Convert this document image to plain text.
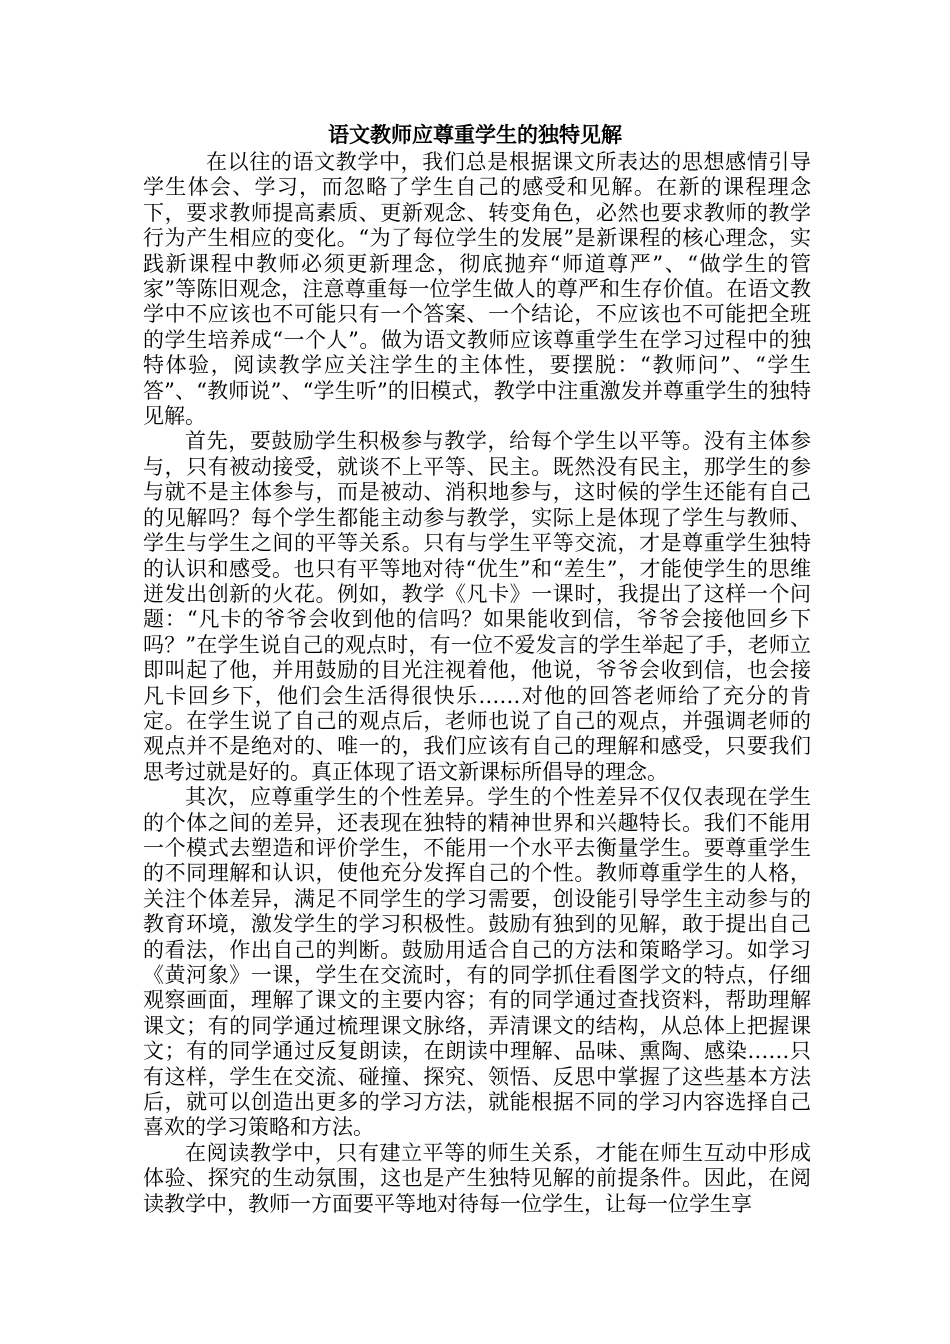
语文教师应尊重学生的独特见解

在以往的语文教学中，我们总是根据课文所表达的思想感情引导学生体会、学习，而忽略了学生自己的感受和见解。在新的课程理念下，要求教师提高素质、更新观念、转变角色，必然也要求教师的教学行为产生相应的变化。“为了每位学生的发展”是新课程的核心理念，实践新课程中教师必须更新理念，彻底抛弃“师道尊严”、“做学生的管家”等陈旧观念，注意尊重每一位学生做人的尊严和生存价值。在语文教学中不应该也不可能只有一个答案、一个结论，不应该也不可能把全班的学生培养成“一个人”。做为语文教师应该尊重学生在学习过程中的独特体验，阅读教学应关注学生的主体性，要摆脱：“教师问”、“学生答”、“教师说”、“学生听”的旧模式，教学中注重激发并尊重学生的独特见解。

首先，要鼓励学生积极参与教学，给每个学生以平等。没有主体参与，只有被动接受，就谈不上平等、民主。既然没有民主，那学生的参与就不是主体参与，而是被动、消积地参与，这时候的学生还能有自己的见解吗？每个学生都能主动参与教学，实际上是体现了学生与教师、学生与学生之间的平等关系。只有与学生平等交流，才是尊重学生独特的认识和感受。也只有平等地对待“优生”和“差生”，才能使学生的思维迸发出创新的火花。例如，教学《凡卡》一课时，我提出了这样一个问题：“凡卡的爷爷会收到他的信吗？如果能收到信，爷爷会接他回乡下吗？”在学生说自己的观点时，有一位不爱发言的学生举起了手，老师立即叫起了他，并用鼓励的目光注视着他，他说，爷爷会收到信，也会接凡卡回乡下，他们会生活得很快乐……对他的回答老师给了充分的肯定。在学生说了自己的观点后，老师也说了自己的观点，并强调老师的观点并不是绝对的、唯一的，我们应该有自己的理解和感受，只要我们思考过就是好的。真正体现了语文新课标所倡导的理念。

其次，应尊重学生的个性差异。学生的个性差异不仅仅表现在学生的个体之间的差异，还表现在独特的精神世界和兴趣特长。我们不能用一个模式去塑造和评价学生，不能用一个水平去衡量学生。要尊重学生的不同理解和认识，使他充分发挥自己的个性。教师尊重学生的人格，关注个体差异，满足不同学生的学习需要，创设能引导学生主动参与的教育环境，激发学生的学习积极性。鼓励有独到的见解，敢于提出自己的看法，作出自己的判断。鼓励用适合自己的方法和策略学习。如学习《黄河象》一课，学生在交流时，有的同学抓住看图学文的特点，仔细观察画面，理解了课文的主要内容；有的同学通过查找资料，帮助理解课文；有的同学通过梳理课文脉络，弄清课文的结构，从总体上把握课文；有的同学通过反复朗读，在朗读中理解、品味、熏陶、感染……只有这样，学生在交流、碰撞、探究、领悟、反思中掌握了这些基本方法后，就可以创造出更多的学习方法，就能根据不同的学习内容选择自己喜欢的学习策略和方法。

在阅读教学中，只有建立平等的师生关系，才能在师生互动中形成体验、探究的生动氛围，这也是产生独特见解的前提条件。因此，在阅读教学中，教师一方面要平等地对待每一位学生，让每一位学生享
